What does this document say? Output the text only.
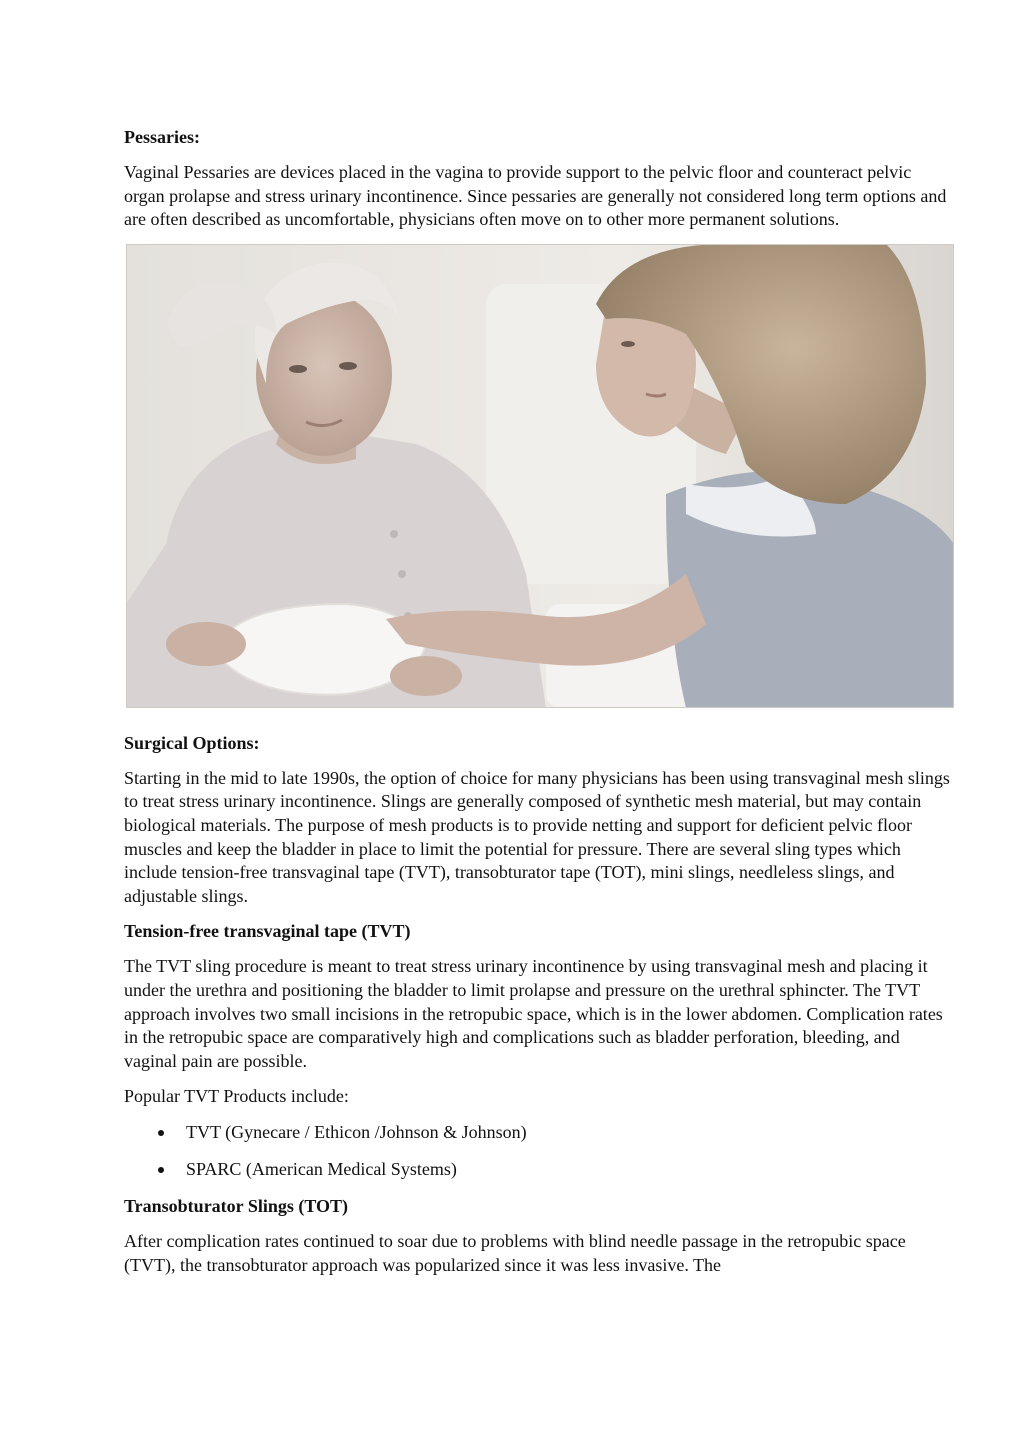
Pessaries:

Vaginal Pessaries are devices placed in the vagina to provide support to the pelvic floor and counteract pelvic organ prolapse and stress urinary incontinence. Since pessaries are generally not considered long term options and are often described as uncomfortable, physicians often move on to other more permanent solutions.

Surgical Options:

Starting in the mid to late 1990s, the option of choice for many physicians has been using transvaginal mesh slings to treat stress urinary incontinence. Slings are generally composed of synthetic mesh material, but may contain biological materials. The purpose of mesh products is to provide netting and support for deficient pelvic floor muscles and keep the bladder in place to limit the potential for pressure. There are several sling types which include tension-free transvaginal tape (TVT), transobturator tape (TOT), mini slings, needleless slings, and adjustable slings.

Tension-free transvaginal tape (TVT)

The TVT sling procedure is meant to treat stress urinary incontinence by using transvaginal mesh and placing it under the urethra and positioning the bladder to limit prolapse and pressure on the urethral sphincter. The TVT approach involves two small incisions in the retropubic space, which is in the lower abdomen. Complication rates in the retropubic space are comparatively high and complications such as bladder perforation, bleeding, and vaginal pain are possible.

Popular TVT Products include:

TVT (Gynecare / Ethicon /Johnson & Johnson)
SPARC (American Medical Systems)

Transobturator Slings (TOT)

After complication rates continued to soar due to problems with blind needle passage in the retropubic space (TVT), the transobturator approach was popularized since it was less invasive. The
